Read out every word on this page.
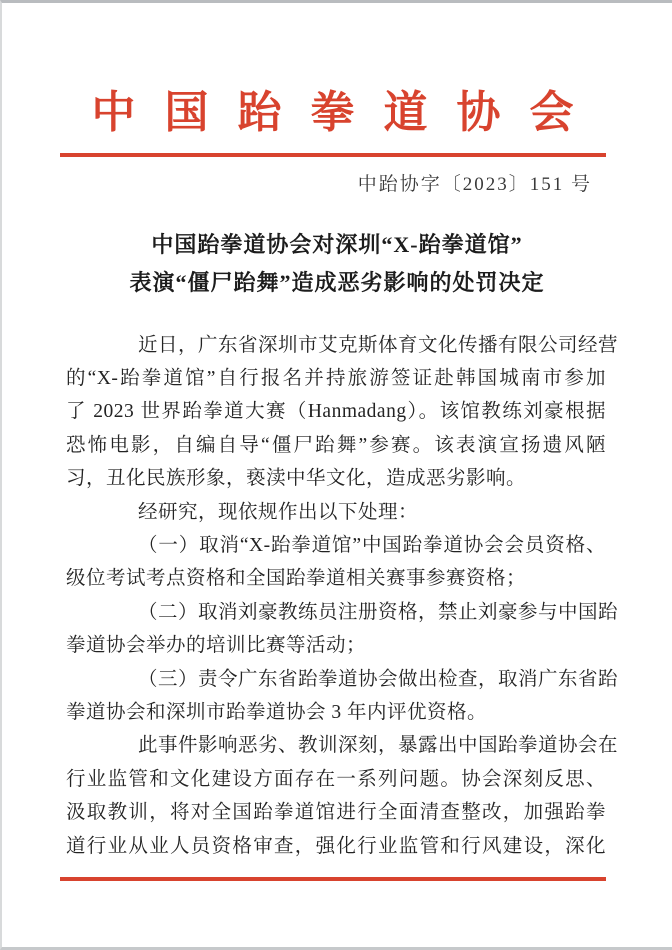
中 国 跆 拳 道 协 会
中跆协字〔2023〕151 号
中国跆拳道协会对深圳“X-跆拳道馆”
表演“僵尸跆舞”造成恶劣影响的处罚决定
近日，广东省深圳市艾克斯体育文化传播有限公司经营
的“X-跆拳道馆”自行报名并持旅游签证赴韩国城南市参加
了 2023 世界跆拳道大赛（Hanmadang）。该馆教练刘豪根据
恐怖电影，自编自导“僵尸跆舞”参赛。该表演宣扬遗风陋
习，丑化民族形象，亵渎中华文化，造成恶劣影响。
经研究，现依规作出以下处理：
（一）取消“X-跆拳道馆”中国跆拳道协会会员资格、
级位考试考点资格和全国跆拳道相关赛事参赛资格；
（二）取消刘豪教练员注册资格，禁止刘豪参与中国跆
拳道协会举办的培训比赛等活动；
（三）责令广东省跆拳道协会做出检查，取消广东省跆
拳道协会和深圳市跆拳道协会 3 年内评优资格。
此事件影响恶劣、教训深刻，暴露出中国跆拳道协会在
行业监管和文化建设方面存在一系列问题。协会深刻反思、
汲取教训，将对全国跆拳道馆进行全面清查整改，加强跆拳
道行业从业人员资格审查，强化行业监管和行风建设，深化
